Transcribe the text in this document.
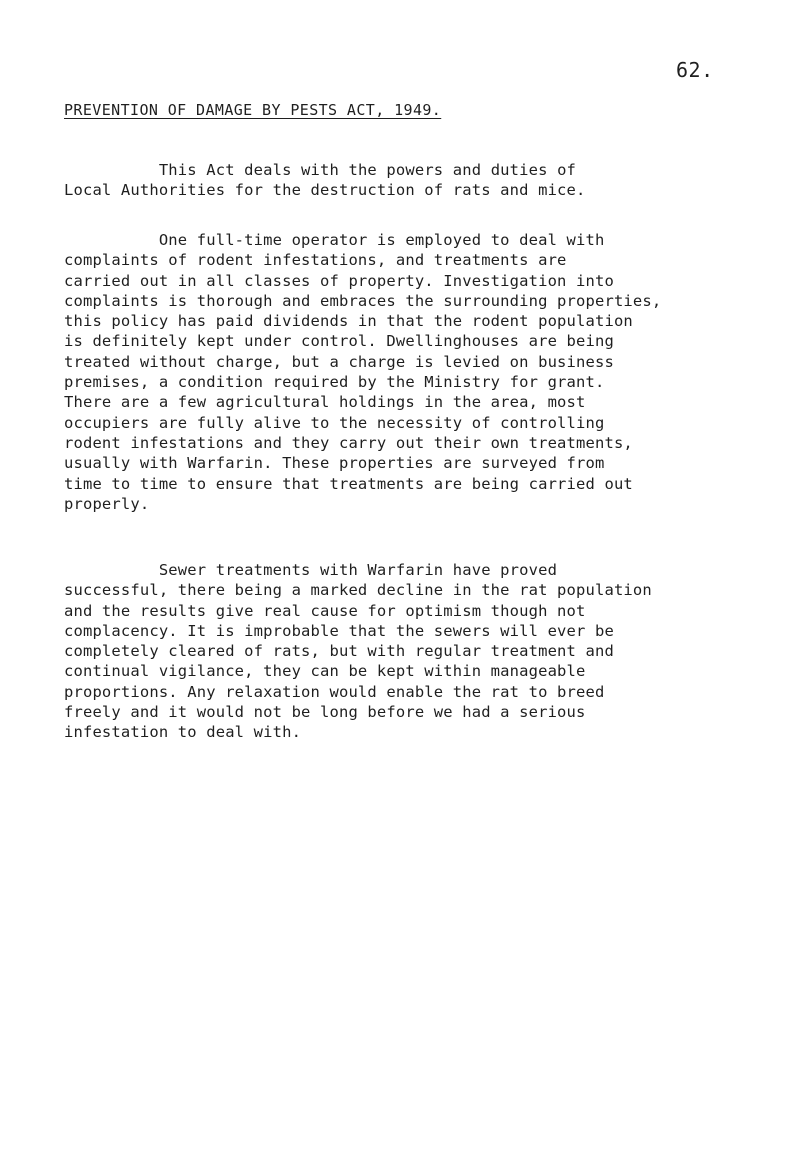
62.
PREVENTION OF DAMAGE BY PESTS ACT, 1949.

This Act deals with the powers and duties of
Local Authorities for the destruction of rats and mice.

One full-time operator is employed to deal with
complaints of rodent infestations, and treatments are
carried out in all classes of property. Investigation into
complaints is thorough and embraces the surrounding properties,
this policy has paid dividends in that the rodent population
is definitely kept under control. Dwellinghouses are being
treated without charge, but a charge is levied on business
premises, a condition required by the Ministry for grant.
There are a few agricultural holdings in the area, most
occupiers are fully alive to the necessity of controlling
rodent infestations and they carry out their own treatments,
usually with Warfarin. These properties are surveyed from
time to time to ensure that treatments are being carried out
properly.

Sewer treatments with Warfarin have proved
successful, there being a marked decline in the rat population
and the results give real cause for optimism though not
complacency. It is improbable that the sewers will ever be
completely cleared of rats, but with regular treatment and
continual vigilance, they can be kept within manageable
proportions. Any relaxation would enable the rat to breed
freely and it would not be long before we had a serious
infestation to deal with.
